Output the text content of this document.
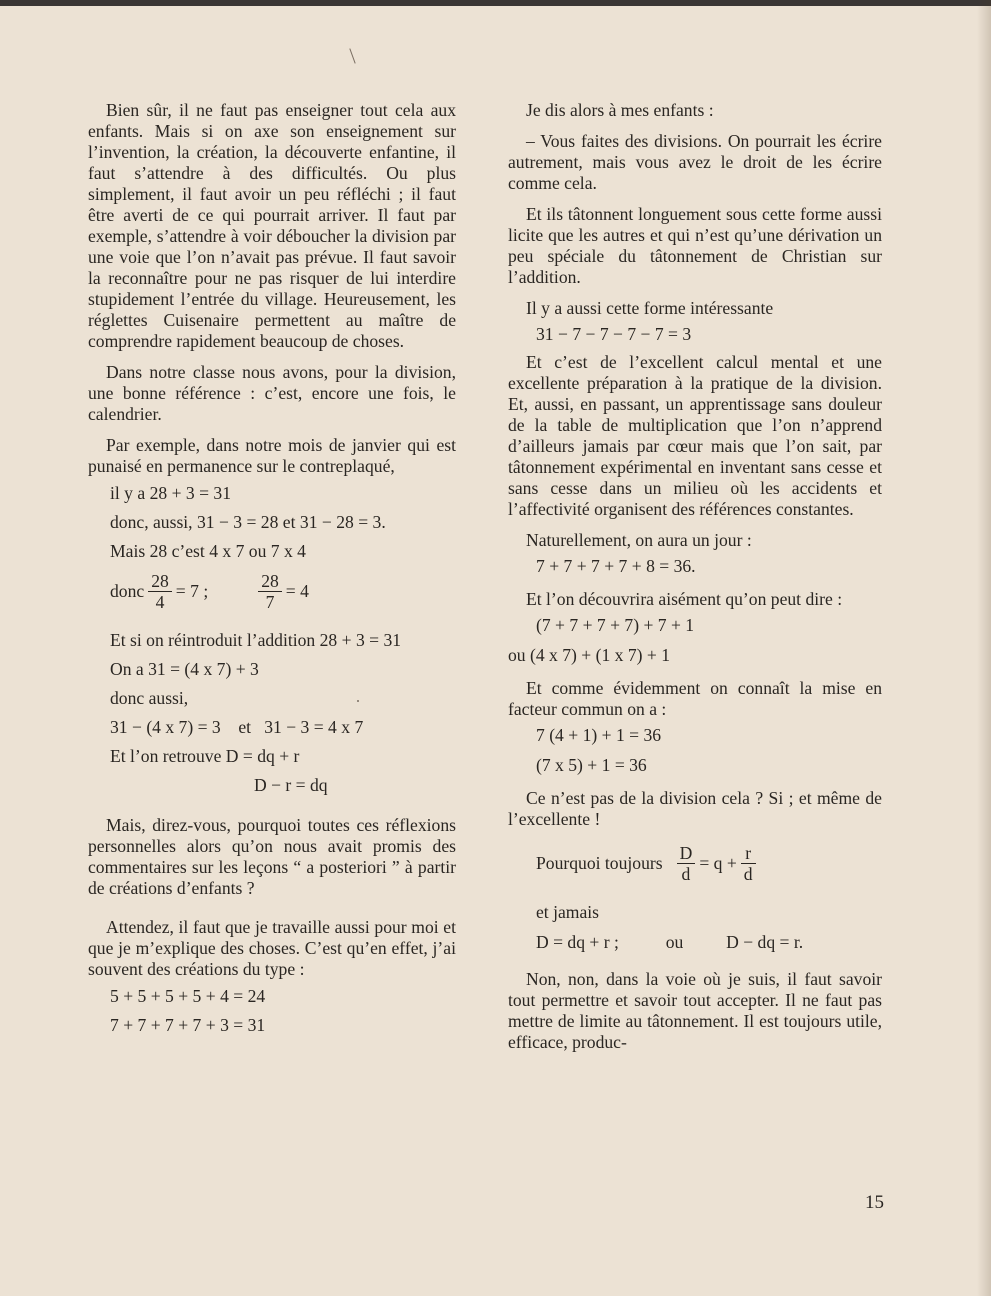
Bien sûr, il ne faut pas enseigner tout cela aux enfants. Mais si on axe son enseignement sur l’invention, la création, la découverte enfantine, il faut s’attendre à des difficultés. Ou plus simplement, il faut avoir un peu réfléchi ; il faut être averti de ce qui pourrait arriver. Il faut par exemple, s’attendre à voir déboucher la division par une voie que l’on n’avait pas prévue. Il faut savoir la reconnaître pour ne pas risquer de lui interdire stupidement l’entrée du village. Heureusement, les réglettes Cuisenaire permettent au maître de comprendre rapidement beaucoup de choses.

Dans notre classe nous avons, pour la division, une bonne référence : c’est, encore une fois, le calendrier.

Par exemple, dans notre mois de janvier qui est punaisé en permanence sur le contreplaqué,

il y a 28 + 3 = 31
donc, aussi, 31 − 3 = 28 et 31 − 28 = 3.
Mais 28 c’est 4 x 7 ou 7 x 4
donc $\frac{28}{4} = 7$ ;	$\frac{28}{7} = 4$
Et si on réintroduit l’addition 28 + 3 = 31
On a 31 = (4 x 7) + 3
donc aussi,
31 − (4 x 7) = 3    et   31 − 3 = 4 x 7
Et l’on retrouve D = dq + r
D − r = dq

Mais, direz-vous, pourquoi toutes ces réflexions personnelles alors qu’on nous avait promis des commentaires sur les leçons “ a posteriori ” à partir de créations d’enfants ?

Attendez, il faut que je travaille aussi pour moi et que je m’explique des choses. C’est qu’en effet, j’ai souvent des créations du type :

5 + 5 + 5 + 5 + 4 = 24
7 + 7 + 7 + 7 + 3 = 31

Je dis alors à mes enfants :

– Vous faites des divisions. On pourrait les écrire autrement, mais vous avez le droit de les écrire comme cela.

Et ils tâtonnent longuement sous cette forme aussi licite que les autres et qui n’est qu’une dérivation un peu spéciale du tâtonnement de Christian sur l’addition.

Il y a aussi cette forme intéressante

31 − 7 − 7 − 7 − 7 = 3

Et c’est de l’excellent calcul mental et une excellente préparation à la pratique de la division. Et, aussi, en passant, un apprentissage sans douleur de la table de multiplication que l’on n’apprend d’ailleurs jamais par cœur mais que l’on sait, par tâtonnement expérimental en inventant sans cesse et sans cesse dans un milieu où les accidents et l’affectivité organisent des références constantes.

Naturellement, on aura un jour :

7 + 7 + 7 + 7 + 8 = 36.

Et l’on découvrira aisément qu’on peut dire :

(7 + 7 + 7 + 7) + 7 + 1
ou (4 x 7) + (1 x 7) + 1

Et comme évidemment on connaît la mise en facteur commun on a :

7 (4 + 1) + 1 = 36
(7 x 5) + 1 = 36

Ce n’est pas de la division cela ? Si ; et même de l’excellente !

Pourquoi toujours $\frac{D}{d} = q + \frac{r}{d}$
et jamais
D = dq + r ;	ou D − dq = r.

Non, non, dans la voie où je suis, il faut savoir tout permettre et savoir tout accepter. Il ne faut pas mettre de limite au tâtonnement. Il est toujours utile, efficace, produc-

15
